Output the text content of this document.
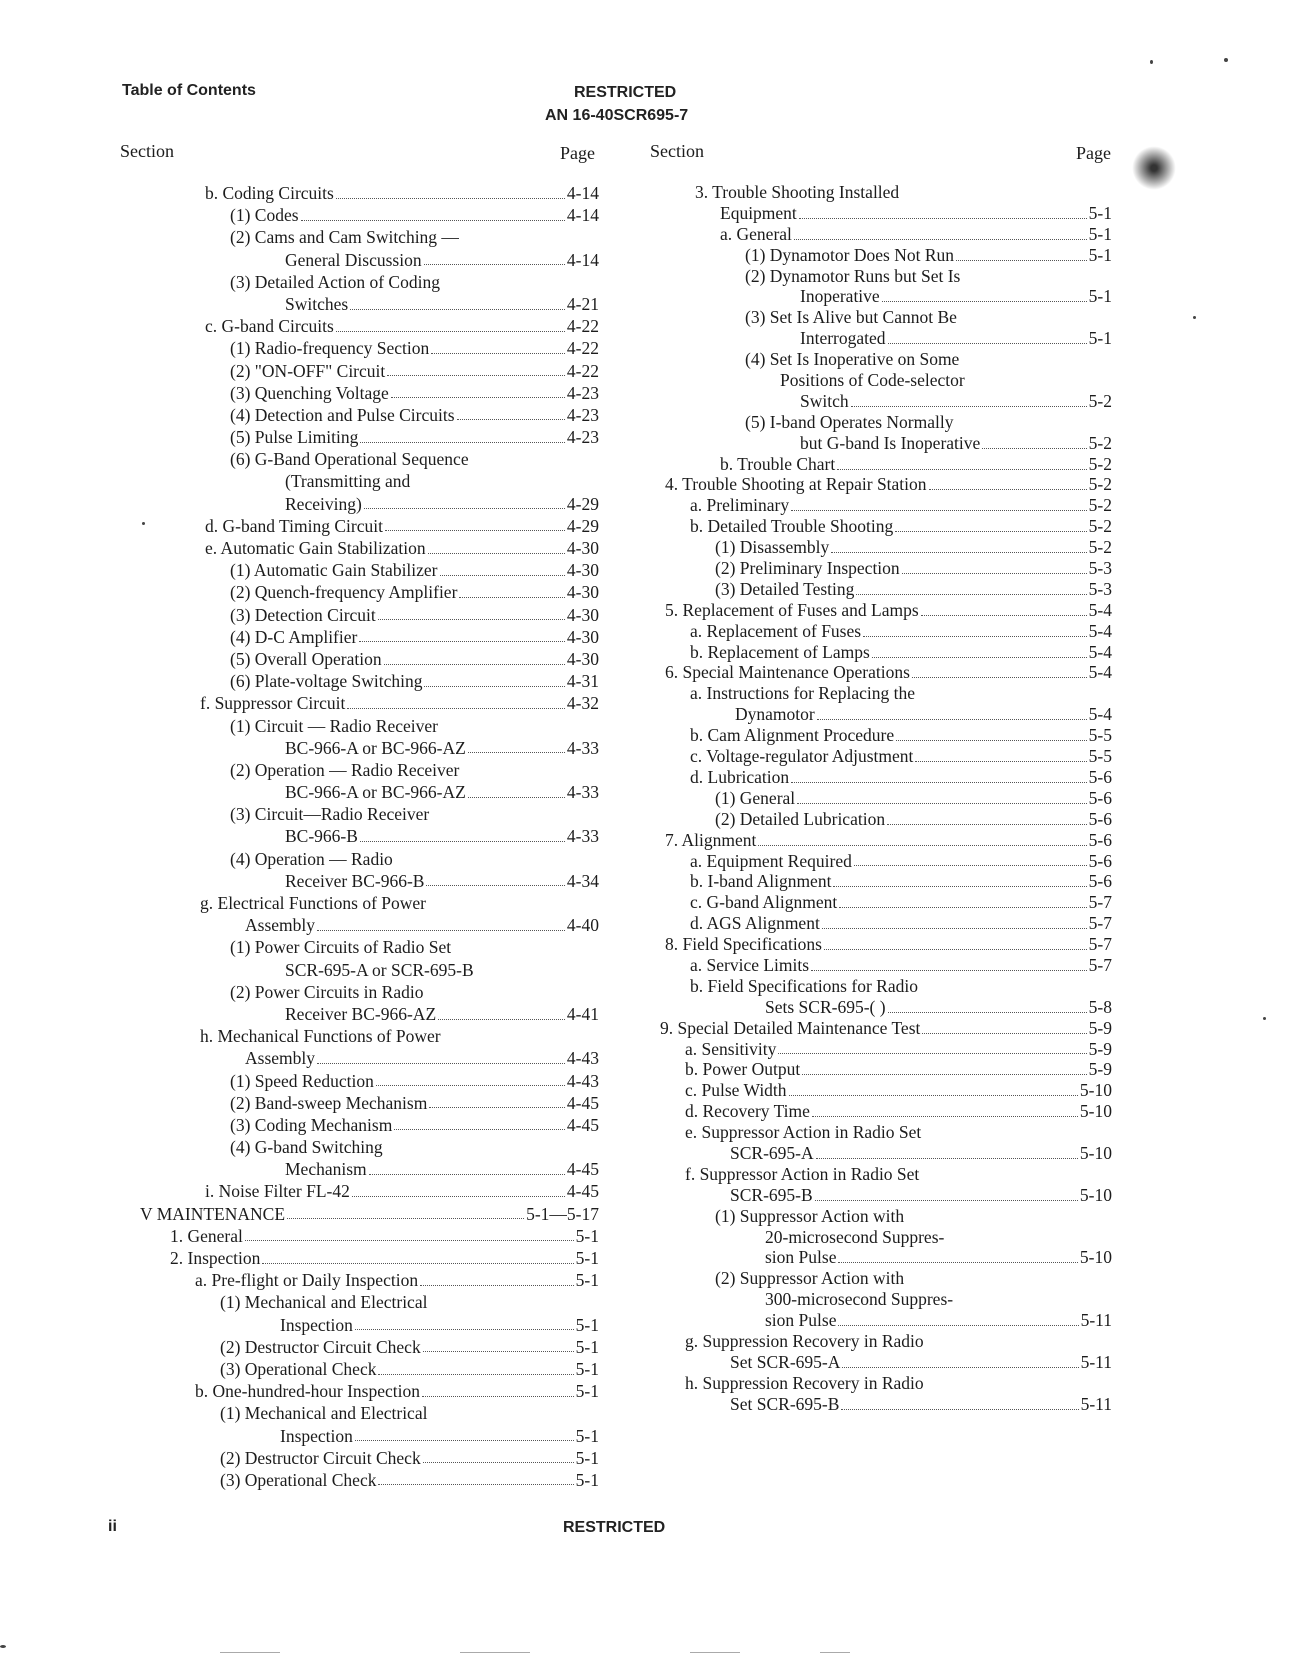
Table of Contents	RESTRICTED
AN 16-40SCR695-7
Section	Page	Section	Page
b. Coding Circuits	4-14
(1) Codes	4-14
(2) Cams and Cam Switching —
General Discussion	4-14
(3) Detailed Action of Coding
Switches	4-21
c. G-band Circuits	4-22
(1) Radio-frequency Section	4-22
(2) "ON-OFF" Circuit	4-22
(3) Quenching Voltage	4-23
(4) Detection and Pulse Circuits	4-23
(5) Pulse Limiting	4-23
(6) G-Band Operational Sequence
(Transmitting and
Receiving)	4-29
d. G-band Timing Circuit	4-29
e. Automatic Gain Stabilization	4-30
(1) Automatic Gain Stabilizer	4-30
(2) Quench-frequency Amplifier	4-30
(3) Detection Circuit	4-30
(4) D-C Amplifier	4-30
(5) Overall Operation	4-30
(6) Plate-voltage Switching	4-31
f. Suppressor Circuit	4-32
(1) Circuit — Radio Receiver
BC-966-A or BC-966-AZ	4-33
(2) Operation — Radio Receiver
BC-966-A or BC-966-AZ	4-33
(3) Circuit—Radio Receiver
BC-966-B	4-33
(4) Operation — Radio
Receiver BC-966-B	4-34
g. Electrical Functions of Power
Assembly	4-40
(1) Power Circuits of Radio Set
SCR-695-A or SCR-695-B
(2) Power Circuits in Radio
Receiver BC-966-AZ	4-41
h. Mechanical Functions of Power
Assembly	4-43
(1) Speed Reduction	4-43
(2) Band-sweep Mechanism	4-45
(3) Coding Mechanism	4-45
(4) G-band Switching
Mechanism	4-45
i. Noise Filter FL-42	4-45
V MAINTENANCE	5-1—5-17
1. General	5-1
2. Inspection	5-1
a. Pre-flight or Daily Inspection	5-1
(1) Mechanical and Electrical
Inspection	5-1
(2) Destructor Circuit Check	5-1
(3) Operational Check	5-1
b. One-hundred-hour Inspection	5-1
(1) Mechanical and Electrical
Inspection	5-1
(2) Destructor Circuit Check	5-1
(3) Operational Check	5-1
3. Trouble Shooting Installed
Equipment	5-1
a. General	5-1
(1) Dynamotor Does Not Run	5-1
(2) Dynamotor Runs but Set Is
Inoperative	5-1
(3) Set Is Alive but Cannot Be
Interrogated	5-1
(4) Set Is Inoperative on Some
Positions of Code-selector
Switch	5-2
(5) I-band Operates Normally
but G-band Is Inoperative	5-2
b. Trouble Chart	5-2
4. Trouble Shooting at Repair Station	5-2
a. Preliminary	5-2
b. Detailed Trouble Shooting	5-2
(1) Disassembly	5-2
(2) Preliminary Inspection	5-3
(3) Detailed Testing	5-3
5. Replacement of Fuses and Lamps	5-4
a. Replacement of Fuses	5-4
b. Replacement of Lamps	5-4
6. Special Maintenance Operations	5-4
a. Instructions for Replacing the
Dynamotor	5-4
b. Cam Alignment Procedure	5-5
c. Voltage-regulator Adjustment	5-5
d. Lubrication	5-6
(1) General	5-6
(2) Detailed Lubrication	5-6
7. Alignment	5-6
a. Equipment Required	5-6
b. I-band Alignment	5-6
c. G-band Alignment	5-7
d. AGS Alignment	5-7
8. Field Specifications	5-7
a. Service Limits	5-7
b. Field Specifications for Radio
Sets SCR-695-( )	5-8
9. Special Detailed Maintenance Test	5-9
a. Sensitivity	5-9
b. Power Output	5-9
c. Pulse Width	5-10
d. Recovery Time	5-10
e. Suppressor Action in Radio Set
SCR-695-A	5-10
f. Suppressor Action in Radio Set
SCR-695-B	5-10
(1) Suppressor Action with
20-microsecond Suppres-
sion Pulse	5-10
(2) Suppressor Action with
300-microsecond Suppres-
sion Pulse	5-11
g. Suppression Recovery in Radio
Set SCR-695-A	5-11
h. Suppression Recovery in Radio
Set SCR-695-B	5-11
ii	RESTRICTED
